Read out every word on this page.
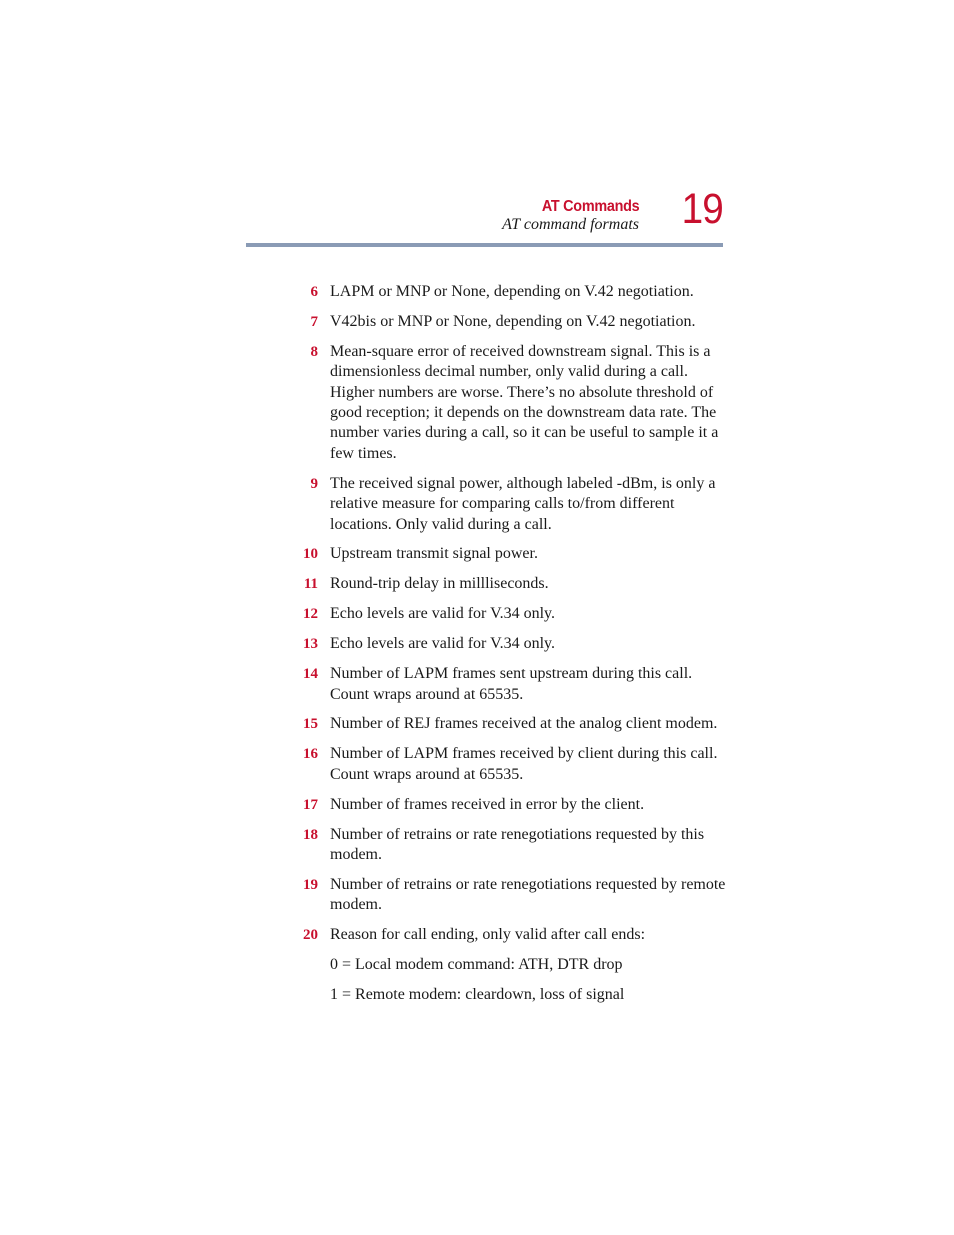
AT Commands
AT command formats 19
6 LAPM or MNP or None, depending on V.42 negotiation.
7 V42bis or MNP or None, depending on V.42 negotiation.
8 Mean-square error of received downstream signal. This is a dimensionless decimal number, only valid during a call. Higher numbers are worse. There’s no absolute threshold of good reception; it depends on the downstream data rate. The number varies during a call, so it can be useful to sample it a few times.
9 The received signal power, although labeled -dBm, is only a relative measure for comparing calls to/from different locations. Only valid during a call.
10 Upstream transmit signal power.
11 Round-trip delay in millliseconds.
12 Echo levels are valid for V.34 only.
13 Echo levels are valid for V.34 only.
14 Number of LAPM frames sent upstream during this call. Count wraps around at 65535.
15 Number of REJ frames received at the analog client modem.
16 Number of LAPM frames received by client during this call. Count wraps around at 65535.
17 Number of frames received in error by the client.
18 Number of retrains or rate renegotiations requested by this modem.
19 Number of retrains or rate renegotiations requested by remote modem.
20 Reason for call ending, only valid after call ends:
0 = Local modem command: ATH, DTR drop
1 = Remote modem: cleardown, loss of signal
